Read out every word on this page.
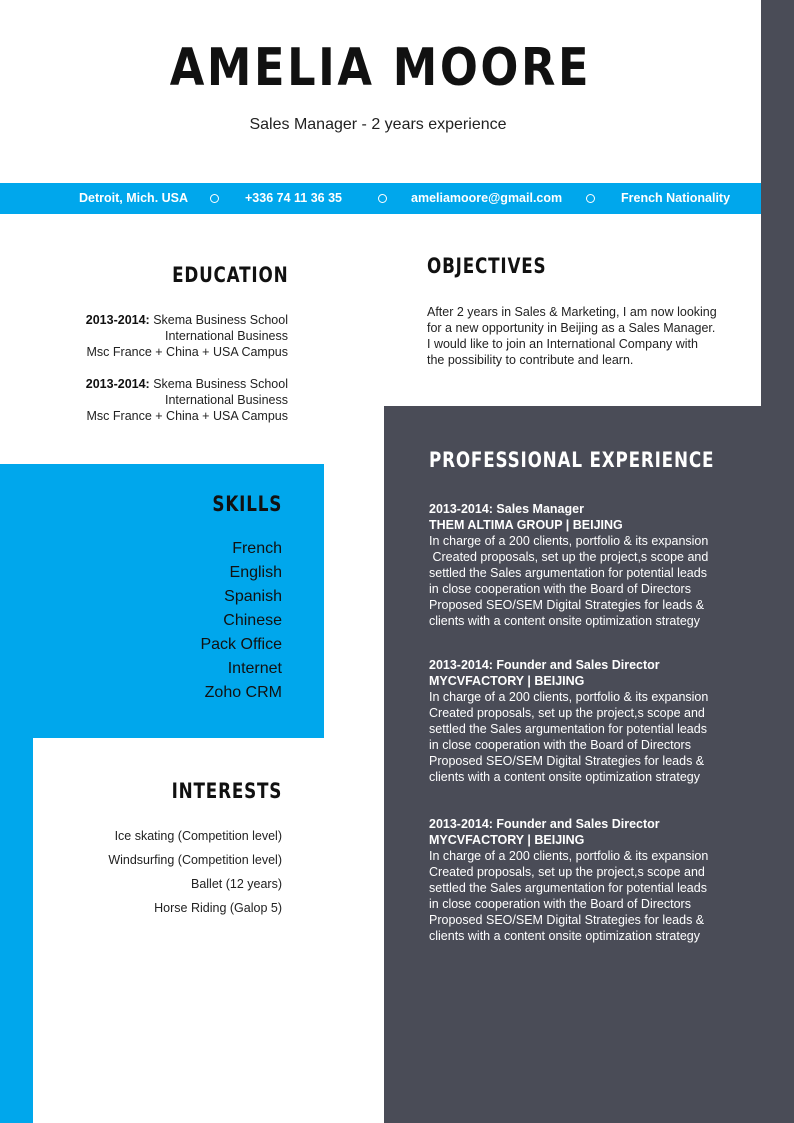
AMELIA MOORE
Sales Manager - 2 years experience
Detroit, Mich. USA	+336 74 11 36 35	ameliamoore@gmail.com	French Nationality
EDUCATION
2013-2014: Skema Business School
International Business
Msc France + China + USA Campus
2013-2014: Skema Business School
International Business
Msc France + China + USA Campus
OBJECTIVES
After 2 years in Sales & Marketing, I am now looking
for a new opportunity in Beijing as a Sales Manager.
I would like to join an International Company with
the possibility to contribute and learn.
SKILLS
French
English
Spanish
Chinese
Pack Office
Internet
Zoho CRM
INTERESTS
Ice skating (Competition level)
Windsurfing (Competition level)
Ballet (12 years)
Horse Riding (Galop 5)
PROFESSIONAL EXPERIENCE
2013-2014: Sales Manager
THEM ALTIMA GROUP | BEIJING
In charge of a 200 clients, portfolio & its expansion
Created proposals, set up the project,s scope and
settled the Sales argumentation for potential leads
in close cooperation with the Board of Directors
Proposed SEO/SEM Digital Strategies for leads &
clients with a content onsite optimization strategy
2013-2014: Founder and Sales Director
MYCVFACTORY | BEIJING
In charge of a 200 clients, portfolio & its expansion
Created proposals, set up the project,s scope and
settled the Sales argumentation for potential leads
in close cooperation with the Board of Directors
Proposed SEO/SEM Digital Strategies for leads &
clients with a content onsite optimization strategy
2013-2014: Founder and Sales Director
MYCVFACTORY | BEIJING
In charge of a 200 clients, portfolio & its expansion
Created proposals, set up the project,s scope and
settled the Sales argumentation for potential leads
in close cooperation with the Board of Directors
Proposed SEO/SEM Digital Strategies for leads &
clients with a content onsite optimization strategy
